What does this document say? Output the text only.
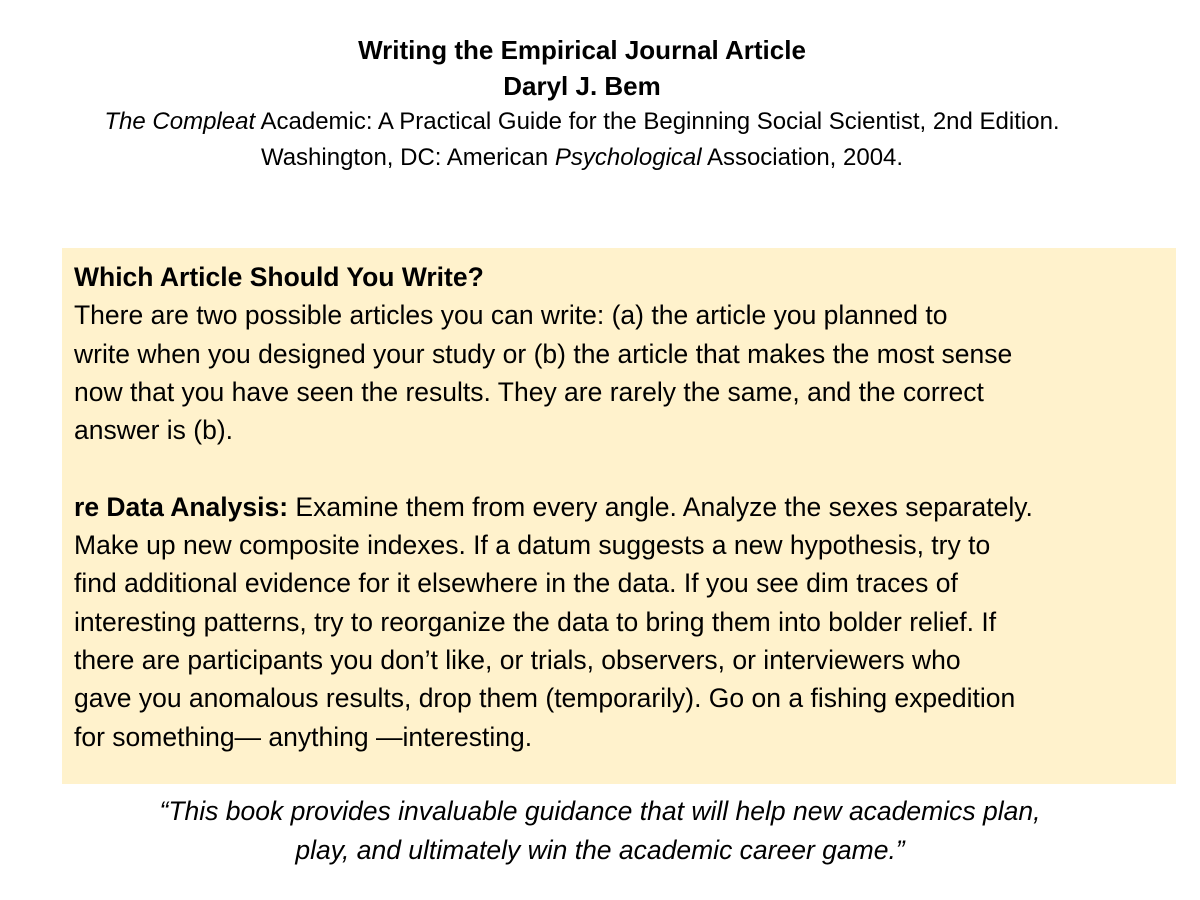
Writing the Empirical Journal Article
Daryl J. Bem
The Compleat Academic: A Practical Guide for the Beginning Social Scientist, 2nd Edition. Washington, DC: American Psychological Association, 2004.

Which Article Should You Write?

There are two possible articles you can write: (a) the article you planned to

write when you designed your study or (b) the article that makes the most sense

now that you have seen the results. They are rarely the same, and the correct

answer is (b).

re Data Analysis: Examine them from every angle. Analyze the sexes separately.

Make up new composite indexes. If a datum suggests a new hypothesis, try to

find additional evidence for it elsewhere in the data. If you see dim traces of

interesting patterns, try to reorganize the data to bring them into bolder relief. If

there are participants you don’t like, or trials, observers, or interviewers who

gave you anomalous results, drop them (temporarily). Go on a fishing expedition

for something— anything —interesting.

“This book provides invaluable guidance that will help new academics plan,
play, and ultimately win the academic career game.”
